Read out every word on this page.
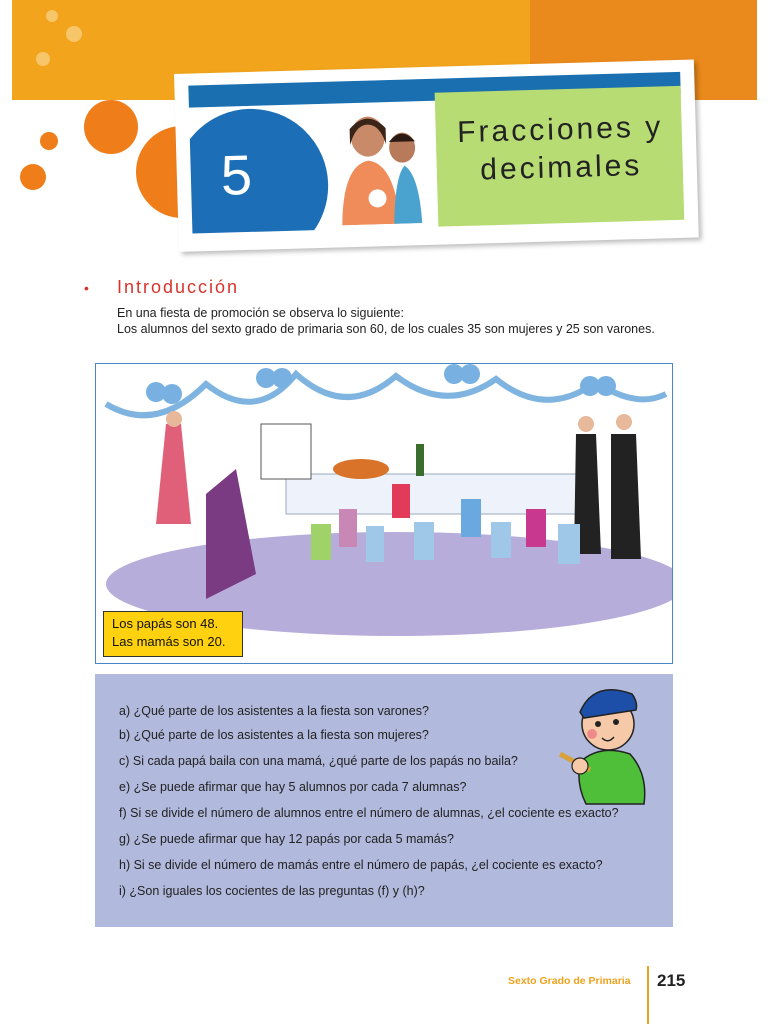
5
Fracciones y decimales
• Introducción
En una fiesta de promoción se observa lo siguiente:
Los alumnos del sexto grado de primaria son 60, de los cuales 35 son mujeres y 25 son varones.
Los papás son 48.
Las mamás son 20.
a) ¿Qué parte de los asistentes a la fiesta son varones?
b) ¿Qué parte de los asistentes a la fiesta son mujeres?
c) Si cada papá baila con una mamá, ¿qué parte de los papás no baila?
e) ¿Se puede afirmar que hay 5 alumnos por cada 7 alumnas?
f) Si se divide el número de alumnos entre el número de alumnas, ¿el cociente es exacto?
g) ¿Se puede afirmar que hay 12 papás por cada 5 mamás?
h) Si se divide el número de mamás entre el número de papás, ¿el cociente es exacto?
i) ¿Son iguales los cocientes de las preguntas (f) y (h)?
Sexto Grado de Primaria 215
